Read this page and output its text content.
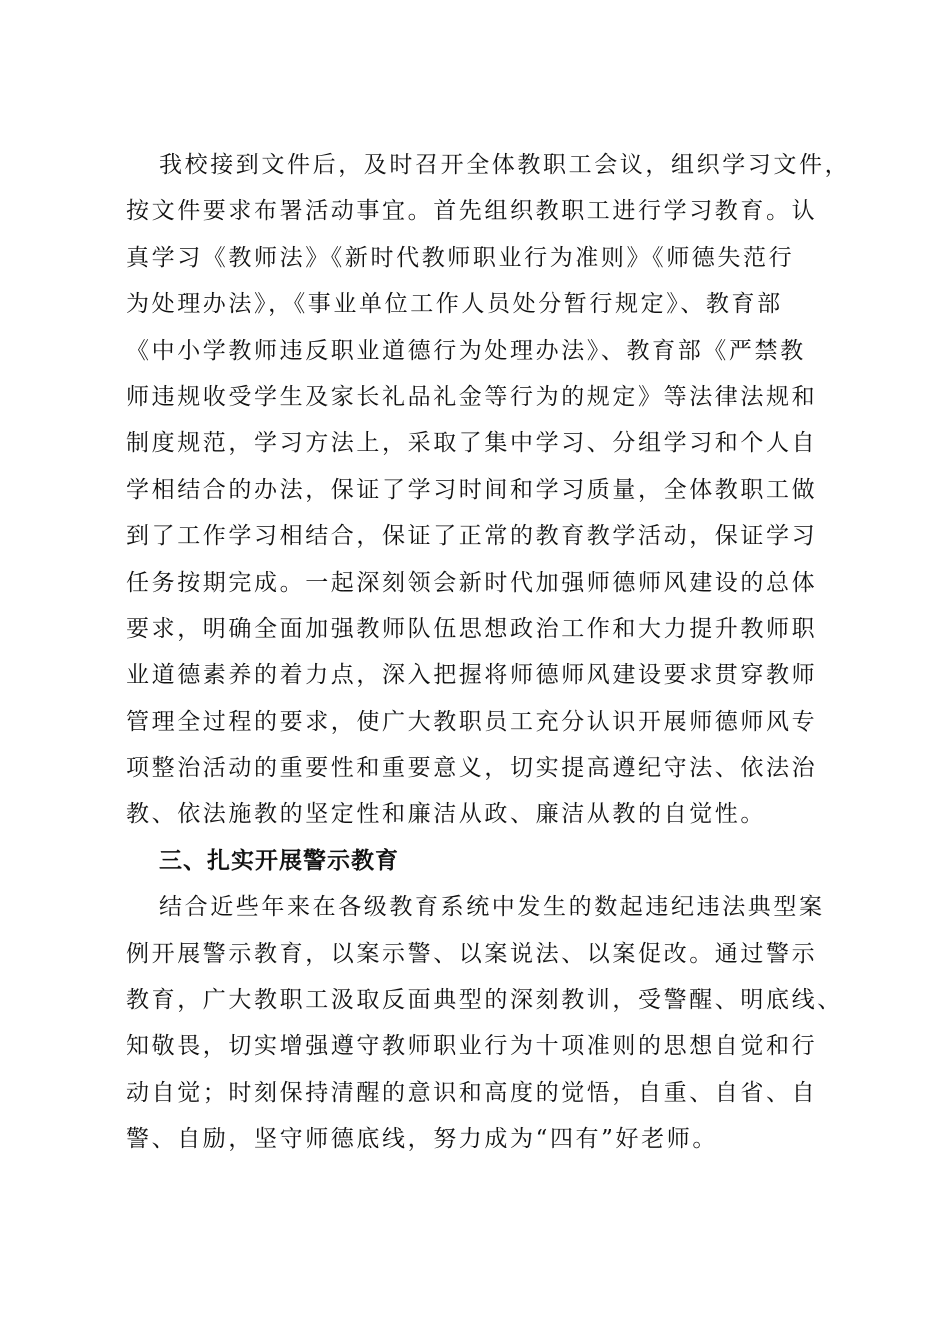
我校接到文件后，及时召开全体教职工会议，组织学习文件，
按文件要求布署活动事宜。首先组织教职工进行学习教育。认
真学习《教师法》《新时代教师职业行为准则》《师德失范行
为处理办法》，《事业单位工作人员处分暂行规定》、教育部
《中小学教师违反职业道德行为处理办法》、教育部《严禁教
师违规收受学生及家长礼品礼金等行为的规定》等法律法规和
制度规范，学习方法上，采取了集中学习、分组学习和个人自
学相结合的办法，保证了学习时间和学习质量，全体教职工做
到了工作学习相结合，保证了正常的教育教学活动，保证学习
任务按期完成。一起深刻领会新时代加强师德师风建设的总体
要求，明确全面加强教师队伍思想政治工作和大力提升教师职
业道德素养的着力点，深入把握将师德师风建设要求贯穿教师
管理全过程的要求，使广大教职员工充分认识开展师德师风专
项整治活动的重要性和重要意义，切实提高遵纪守法、依法治
教、依法施教的坚定性和廉洁从政、廉洁从教的自觉性。
三、扎实开展警示教育
结合近些年来在各级教育系统中发生的数起违纪违法典型案
例开展警示教育，以案示警、以案说法、以案促改。通过警示
教育，广大教职工汲取反面典型的深刻教训，受警醒、明底线、
知敬畏，切实增强遵守教师职业行为十项准则的思想自觉和行
动自觉；时刻保持清醒的意识和高度的觉悟，自重、自省、自
警、自励，坚守师德底线，努力成为“四有”好老师。
